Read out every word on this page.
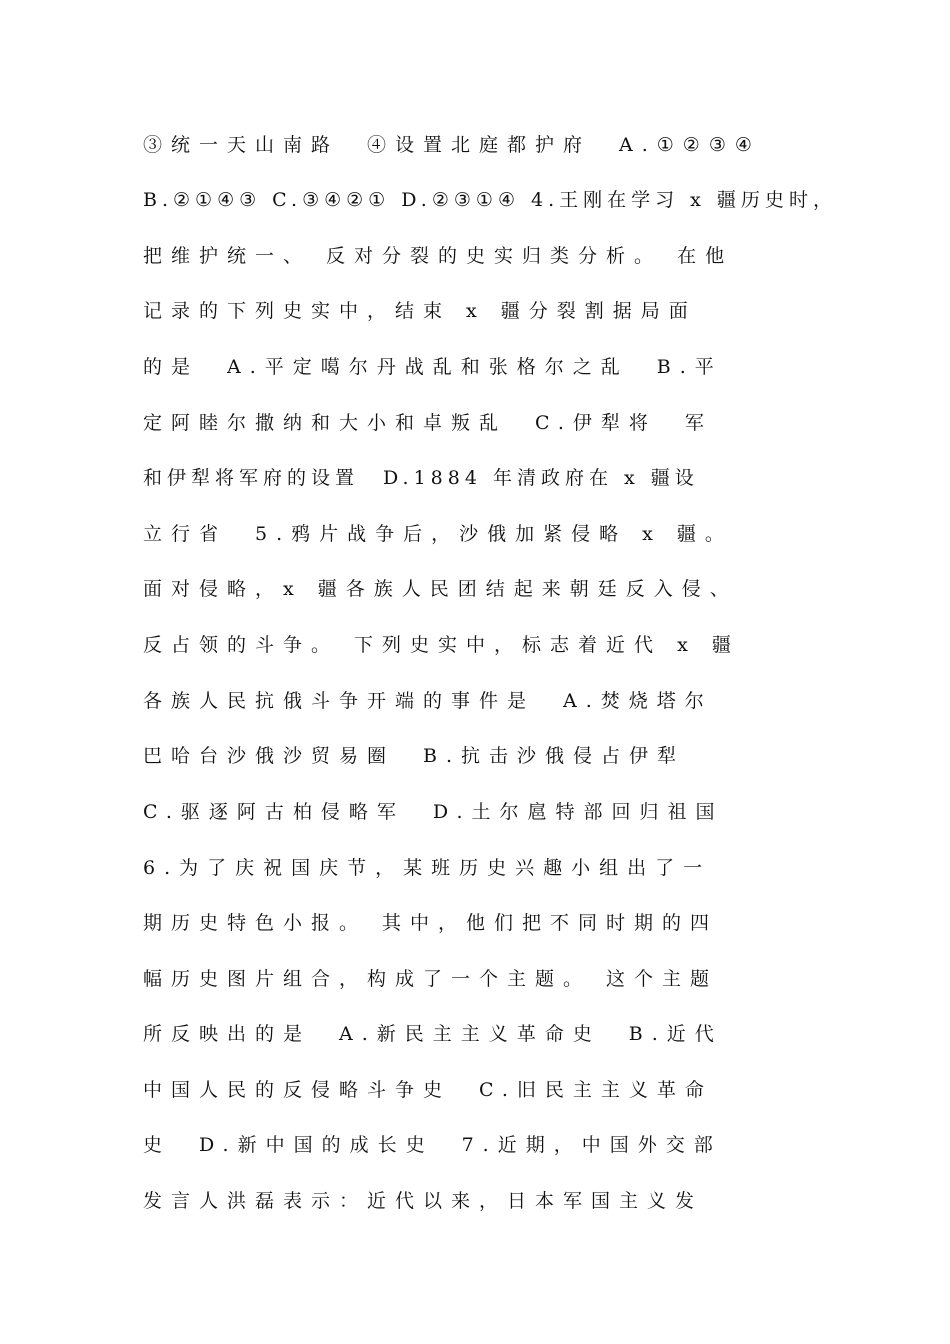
③统一天山南路　④设置北庭都护府　A.①②③④
B.②①④③ C.③④②① D.②③①④ 4.王刚在学习 x 疆历史时，
把维护统一、 反对分裂的史实归类分析。 在他
记录的下列史实中，结束 x 疆分裂割据局面
的是　A.平定噶尔丹战乱和张格尔之乱　B.平
定阿睦尔撒纳和大小和卓叛乱　C.伊犁将　军
和伊犁将军府的设置　D.1884 年清政府在 x 疆设
立行省　5.鸦片战争后，沙俄加紧侵略 x 疆。
面对侵略，x 疆各族人民团结起来朝廷反入侵、
反占领的斗争。 下列史实中，标志着近代 x 疆
各族人民抗俄斗争开端的事件是　A.焚烧塔尔
巴哈台沙俄沙贸易圈　B.抗击沙俄侵占伊犁
C.驱逐阿古柏侵略军　D.土尔扈特部回归祖国
6.为了庆祝国庆节，某班历史兴趣小组出了一
期历史特色小报。 其中，他们把不同时期的四
幅历史图片组合，构成了一个主题。 这个主题
所反映出的是　A.新民主主义革命史　B.近代
中国人民的反侵略斗争史　C.旧民主主义革命
史　D.新中国的成长史　7.近期，中国外交部
发言人洪磊表示：近代以来，日本军国主义发
